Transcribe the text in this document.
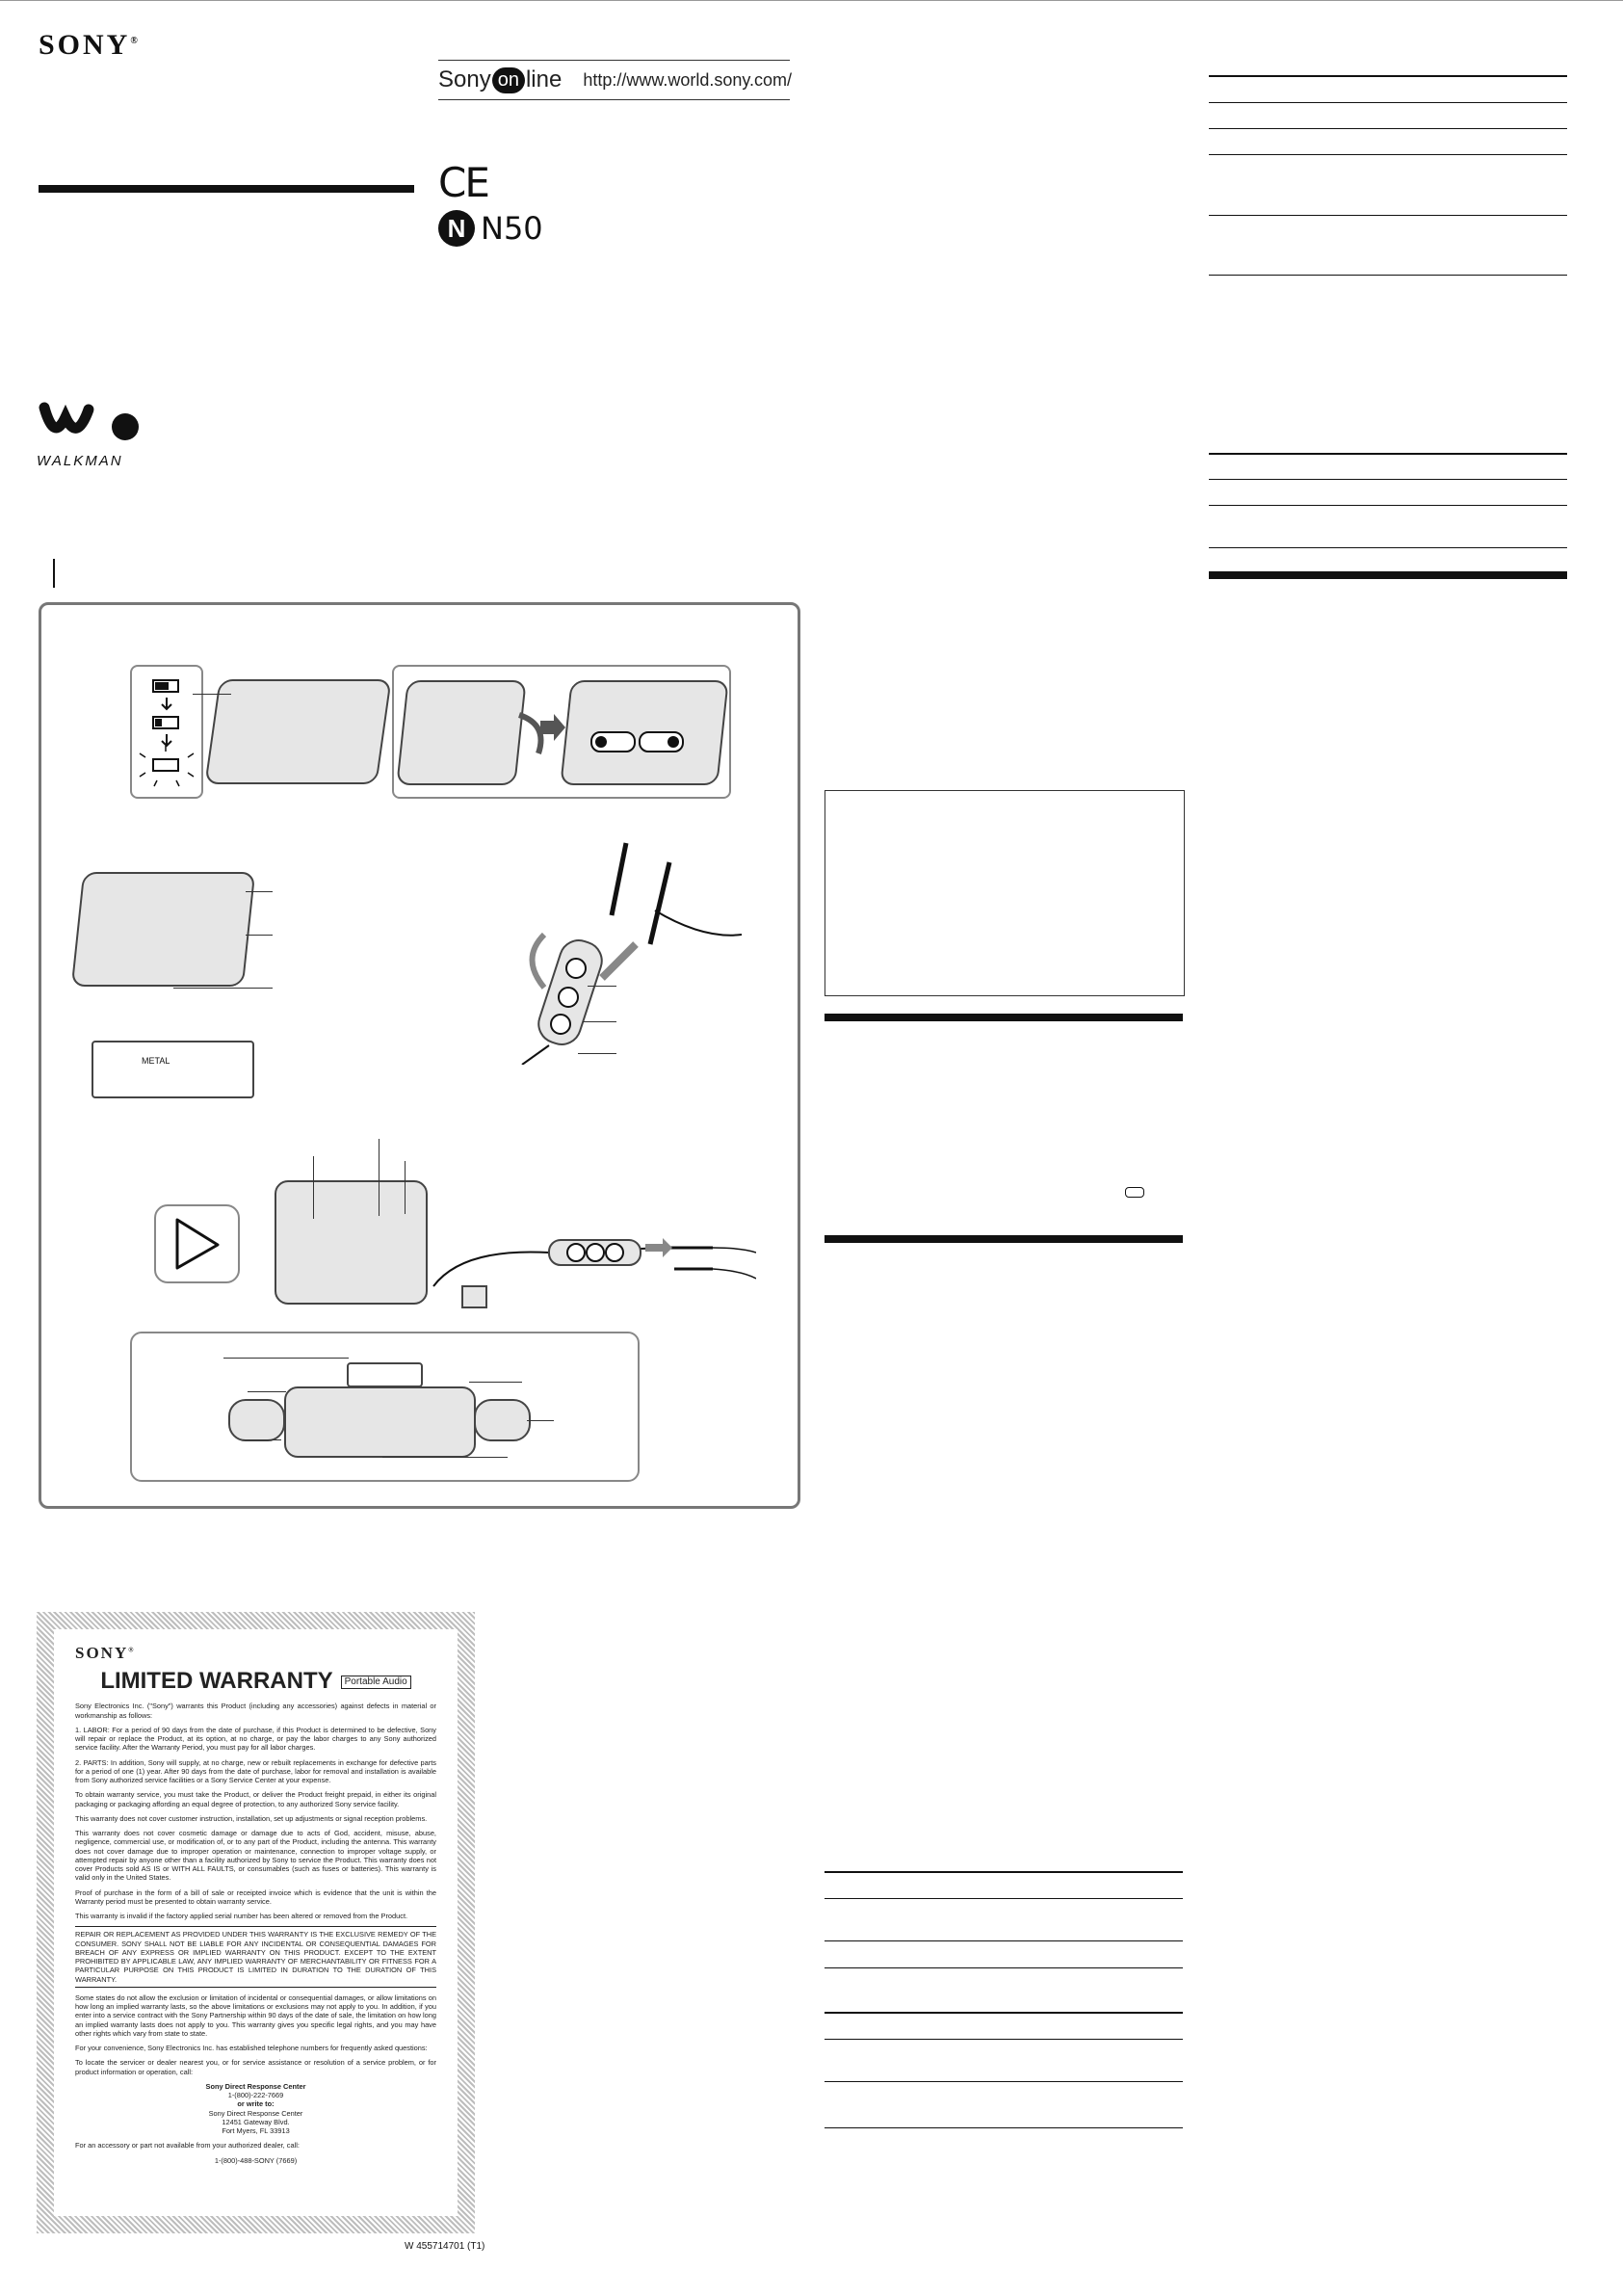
SONY®
Sony on line http://www.world.sony.com/
CE
N N50
WALKMAN
METAL
SONY®
LIMITED WARRANTY Portable Audio

Sony Electronics Inc. ("Sony") warrants this Product (including any accessories) against defects in material or workmanship as follows:

1. LABOR: For a period of 90 days from the date of purchase, if this Product is determined to be defective, Sony will repair or replace the Product, at its option, at no charge, or pay the labor charges to any Sony authorized service facility. After the Warranty Period, you must pay for all labor charges.

2. PARTS: In addition, Sony will supply, at no charge, new or rebuilt replacements in exchange for defective parts for a period of one (1) year. After 90 days from the date of purchase, labor for removal and installation is available from Sony authorized service facilities or a Sony Service Center at your expense.

To obtain warranty service, you must take the Product, or deliver the Product freight prepaid, in either its original packaging or packaging affording an equal degree of protection, to any authorized Sony service facility.

This warranty does not cover customer instruction, installation, set up adjustments or signal reception problems.

This warranty does not cover cosmetic damage or damage due to acts of God, accident, misuse, abuse, negligence, commercial use, or modification of, or to any part of the Product, including the antenna. This warranty does not cover damage due to improper operation or maintenance, connection to improper voltage supply, or attempted repair by anyone other than a facility authorized by Sony to service the Product. This warranty does not cover Products sold AS IS or WITH ALL FAULTS, or consumables (such as fuses or batteries). This warranty is valid only in the United States.

Proof of purchase in the form of a bill of sale or receipted invoice which is evidence that the unit is within the Warranty period must be presented to obtain warranty service.

This warranty is invalid if the factory applied serial number has been altered or removed from the Product.

REPAIR OR REPLACEMENT AS PROVIDED UNDER THIS WARRANTY IS THE EXCLUSIVE REMEDY OF THE CONSUMER. SONY SHALL NOT BE LIABLE FOR ANY INCIDENTAL OR CONSEQUENTIAL DAMAGES FOR BREACH OF ANY EXPRESS OR IMPLIED WARRANTY ON THIS PRODUCT. EXCEPT TO THE EXTENT PROHIBITED BY APPLICABLE LAW, ANY IMPLIED WARRANTY OF MERCHANTABILITY OR FITNESS FOR A PARTICULAR PURPOSE ON THIS PRODUCT IS LIMITED IN DURATION TO THE DURATION OF THIS WARRANTY.

Some states do not allow the exclusion or limitation of incidental or consequential damages, or allow limitations on how long an implied warranty lasts, so the above limitations or exclusions may not apply to you. In addition, if you enter into a service contract with the Sony Partnership within 90 days of the date of sale, the limitation on how long an implied warranty lasts does not apply to you. This warranty gives you specific legal rights, and you may have other rights which vary from state to state.

For your convenience, Sony Electronics Inc. has established telephone numbers for frequently asked questions:

To locate the servicer or dealer nearest you, or for service assistance or resolution of a service problem, or for product information or operation, call:

Sony Direct Response Center
1-(800)-222-7669
or write to:
Sony Direct Response Center
12451 Gateway Blvd.
Fort Myers, FL 33913

For an accessory or part not available from your authorized dealer, call:

1-(800)-488-SONY (7669)
W 455714701 (T1)
